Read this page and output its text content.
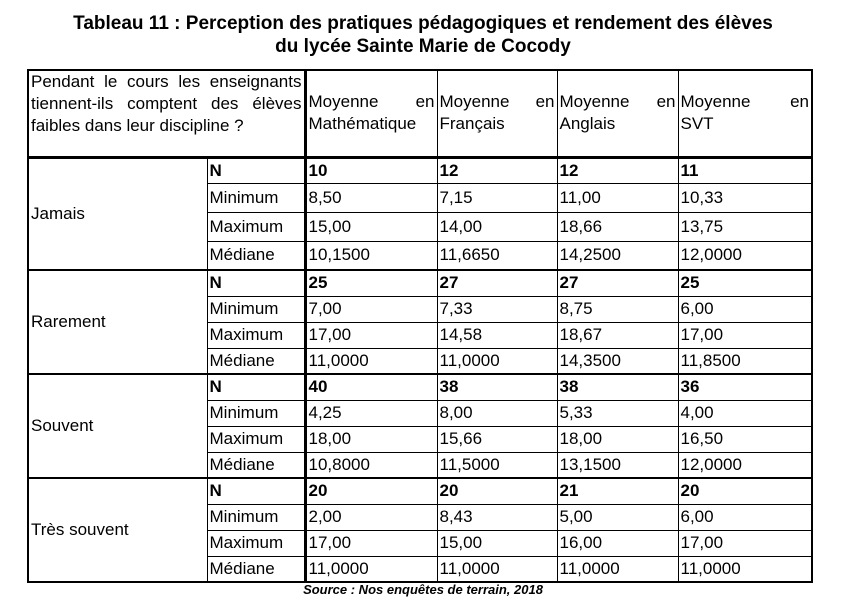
Tableau 11 : Perception des pratiques pédagogiques et rendement des élèves
du lycée Sainte Marie de Cocody
Pendant le cours les enseignants tiennent-ils comptent des élèves faibles dans leur discipline ?		Moyenne en Mathématique	Moyenne en Français	Moyenne en Anglais	Moyenne en SVT
Jamais	N	10	12	12	11
	Minimum	8,50	7,15	11,00	10,33
	Maximum	15,00	14,00	18,66	13,75
	Médiane	10,1500	11,6650	14,2500	12,0000
Rarement	N	25	27	27	25
	Minimum	7,00	7,33	8,75	6,00
	Maximum	17,00	14,58	18,67	17,00
	Médiane	11,0000	11,0000	14,3500	11,8500
Souvent	N	40	38	38	36
	Minimum	4,25	8,00	5,33	4,00
	Maximum	18,00	15,66	18,00	16,50
	Médiane	10,8000	11,5000	13,1500	12,0000
Très souvent	N	20	20	21	20
	Minimum	2,00	8,43	5,00	6,00
	Maximum	17,00	15,00	16,00	17,00
	Médiane	11,0000	11,0000	11,0000	11,0000
Source : Nos enquêtes de terrain, 2018
